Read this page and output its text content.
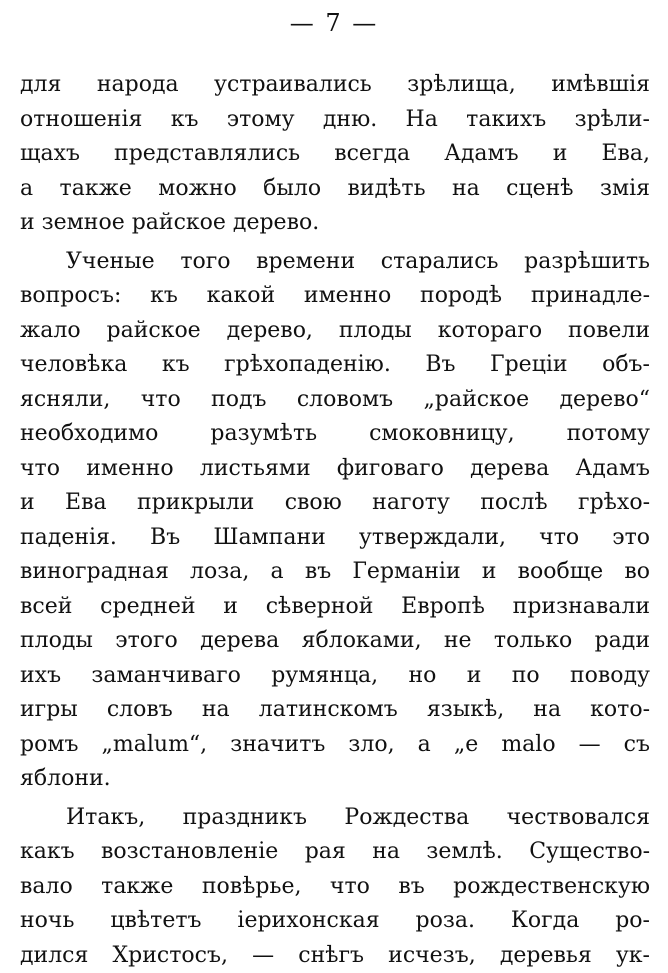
— 7 —
для народа устраивались зрѣлища, имѣвшія
отношенія къ этому дню. На такихъ зрѣли-
щахъ представлялись всегда Адамъ и Ева,
а также можно было видѣть на сценѣ змія
и земное райское дерево.
Ученые того времени старались разрѣшить
вопросъ: къ какой именно породѣ принадле-
жало райское дерево, плоды котораго повели
человѣка къ грѣхопаденію. Въ Греціи объ-
ясняли, что подъ словомъ „райское дерево“
необходимо разумѣть смоковницу, потому
что именно листьями фиговаго дерева Адамъ
и Ева прикрыли свою наготу послѣ грѣхо-
паденія. Въ Шампани утверждали, что это
виноградная лоза, а въ Германіи и вообще во
всей средней и сѣверной Европѣ признавали
плоды этого дерева яблоками, не только ради
ихъ заманчиваго румянца, но и по поводу
игры словъ на латинскомъ языкѣ, на кото-
ромъ „malum“, значитъ зло, а „e malo — съ
яблони.
Итакъ, праздникъ Рождества чествовался
какъ возстановленіе рая на землѣ. Существо-
вало также повѣрье, что въ рождественскую
ночь цвѣтетъ іерихонская роза. Когда ро-
дился Христосъ, — снѣгъ исчезъ, деревья ук-
